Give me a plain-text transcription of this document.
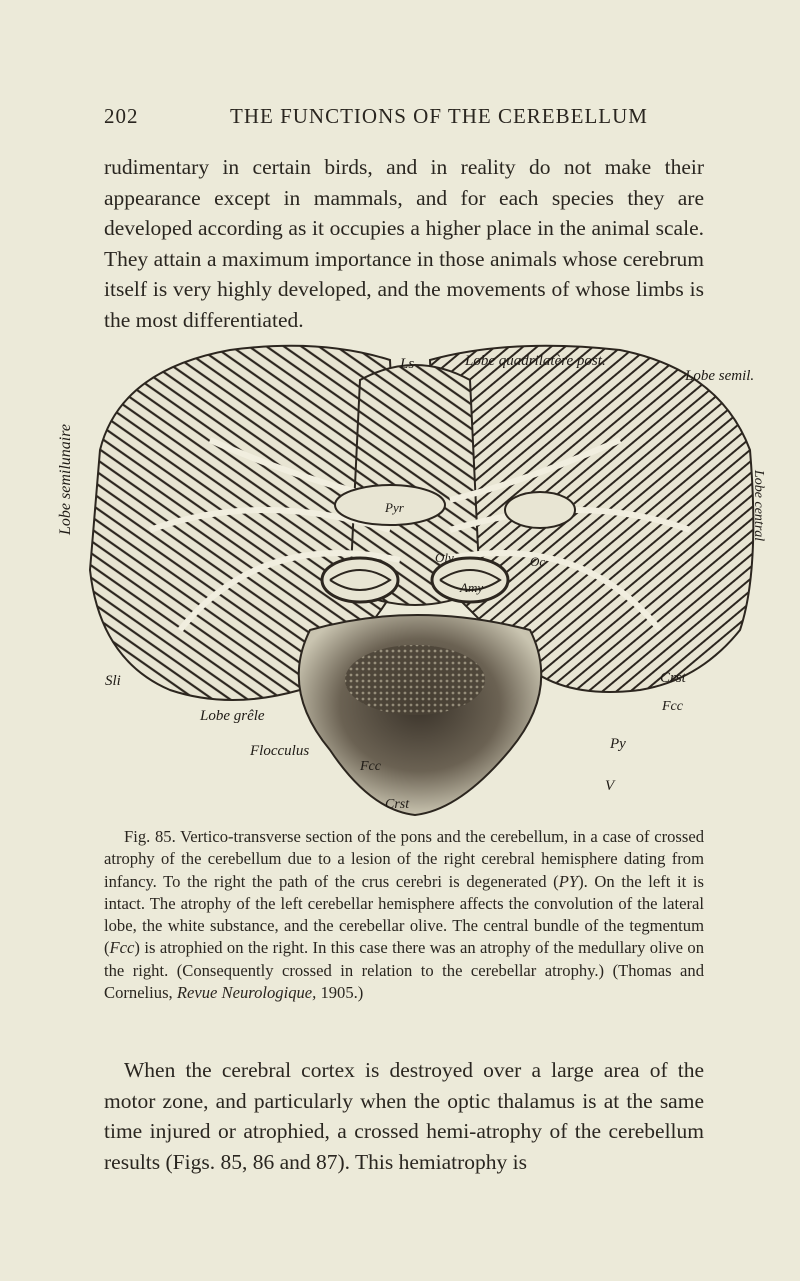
202	THE FUNCTIONS OF THE CEREBELLUM

rudimentary in certain birds, and in reality do not make their appearance except in mammals, and for each species they are developed according as it occupies a higher place in the animal scale. They attain a maximum importance in those animals whose cerebrum itself is very highly developed, and the movements of whose limbs is the most differentiated.

Lobe semilunaire
Lobe quadrilatère post.
Ls
Lobe central
Lobe semil.
Lobe grêle
Sli
Flocculus
Pyr
Olv	Oc
Amy
Crst
Fcc
Py
Fcc
Crst
V
Fig. 85. Vertico-transverse section of the pons and the cerebellum, in a case of crossed atrophy of the cerebellum due to a lesion of the right cerebral hemisphere dating from infancy. To the right the path of the crus cerebri is degenerated (PY). On the left it is intact. The atrophy of the left cerebellar hemisphere affects the convolution of the lateral lobe, the white substance, and the cerebellar olive. The central bundle of the tegmentum (Fcc) is atrophied on the right. In this case there was an atrophy of the medullary olive on the right. (Consequently crossed in relation to the cerebellar atrophy.) (Thomas and Cornelius, Revue Neurologique, 1905.)

When the cerebral cortex is destroyed over a large area of the motor zone, and particularly when the optic thalamus is at the same time injured or atrophied, a crossed hemi-atrophy of the cerebellum results (Figs. 85, 86 and 87). This hemiatrophy is
